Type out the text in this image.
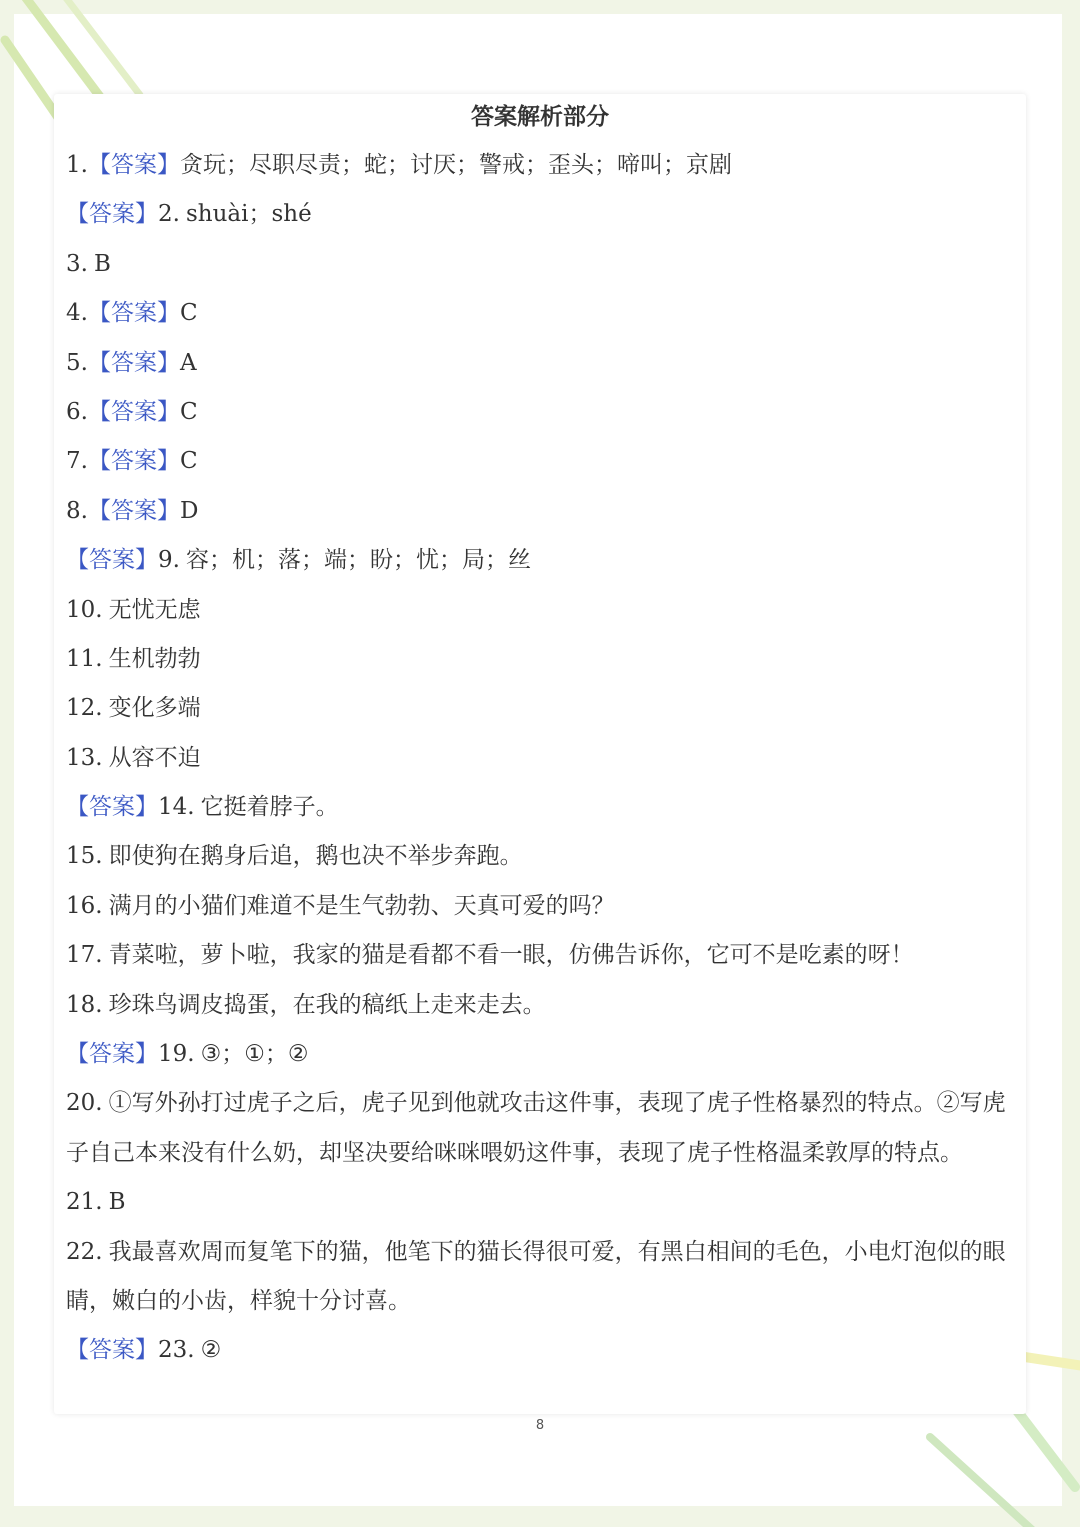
答案解析部分
1.【答案】贪玩；尽职尽责；蛇；讨厌；警戒；歪头；啼叫；京剧
【答案】2. shuài；shé
3. B
4.【答案】C
5.【答案】A
6.【答案】C
7.【答案】C
8.【答案】D
【答案】9. 容；机；落；端；盼；忧；局；丝
10. 无忧无虑
11. 生机勃勃
12. 变化多端
13. 从容不迫
【答案】14. 它挺着脖子。
15. 即使狗在鹅身后追，鹅也决不举步奔跑。
16. 满月的小猫们难道不是生气勃勃、天真可爱的吗？
17. 青菜啦，萝卜啦，我家的猫是看都不看一眼，仿佛告诉你，它可不是吃素的呀！
18. 珍珠鸟调皮捣蛋，在我的稿纸上走来走去。
【答案】19. ③；①；②
20. ①写外孙打过虎子之后，虎子见到他就攻击这件事，表现了虎子性格暴烈的特点。②写虎子自己本来没有什么奶，却坚决要给咪咪喂奶这件事，表现了虎子性格温柔敦厚的特点。
21. B
22. 我最喜欢周而复笔下的猫，他笔下的猫长得很可爱，有黑白相间的毛色，小电灯泡似的眼睛，嫩白的小齿，样貌十分讨喜。
【答案】23. ②
8
